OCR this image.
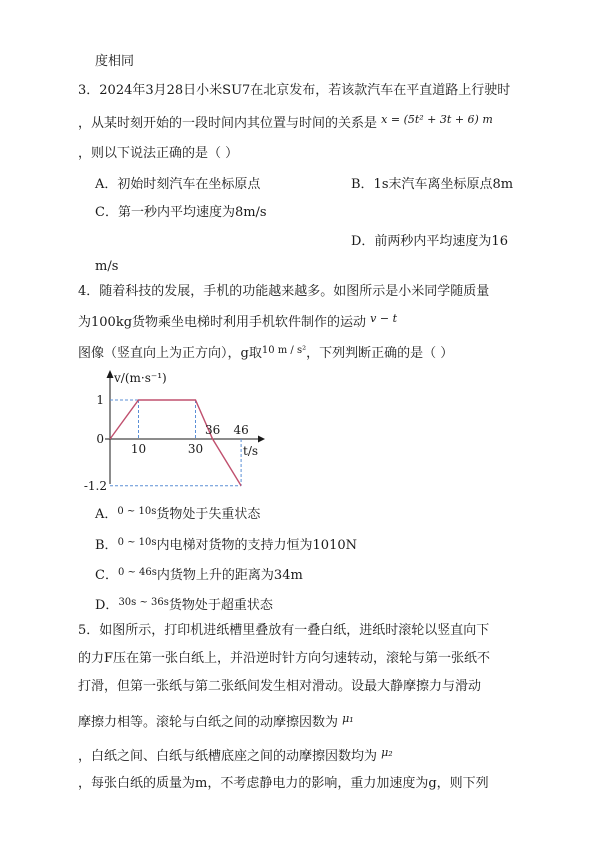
度相同
3．2024年3月28日小米SU7在北京发布，若该款汽车在平直道路上行驶时
，从某时刻开始的一段时间内其位置与时间的关系是 $^{x = (5t^2 + 3t + 6) m}$
，则以下说法正确的是（ ）
A．初始时刻汽车在坐标原点	B．1s末汽车离坐标原点8m
C．第一秒内平均速度为8m/s
D．前两秒内平均速度为16
m/s
4．随着科技的发展，手机的功能越来越多。如图所示是小米同学随质量
为100kg货物乘坐电梯时利用手机软件制作的运动 $^{v - t}$
图像（竖直向上为正方向），g取$^{10 m / s^2}$，下列判断正确的是（ ）
v/(m·s⁻¹)
t/s
10	30
36 46
1
0
-1.2
A．$^{0 \sim 10s}$货物处于失重状态
B．$^{0 \sim 10s}$内电梯对货物的支持力恒为1010N
C．$^{0 \sim 46s}$内货物上升的距离为34m
D．$^{30s \sim 36s}$货物处于超重状态
5．如图所示，打印机进纸槽里叠放有一叠白纸，进纸时滚轮以竖直向下
的力F压在第一张白纸上，并沿逆时针方向匀速转动，滚轮与第一张纸不
打滑，但第一张纸与第二张纸间发生相对滑动。设最大静摩擦力与滑动
摩擦力相等。滚轮与白纸之间的动摩擦因数为 $^{\mu_1}$
，白纸之间、白纸与纸槽底座之间的动摩擦因数均为 $^{\mu_2}$
，每张白纸的质量为m，不考虑静电力的影响，重力加速度为g，则下列
